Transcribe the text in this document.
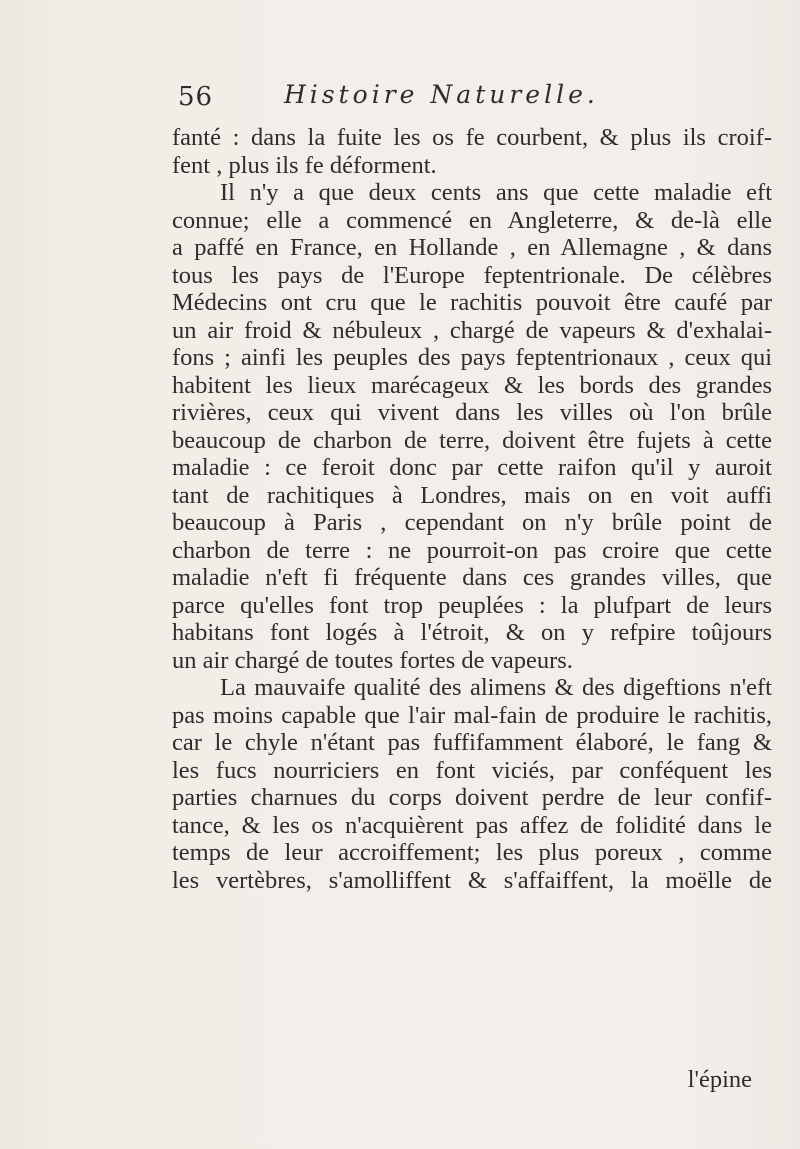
56	Histoire Naturelle.

fanté : dans la fuite les os fe courbent, & plus ils croif-

fent , plus ils fe déforment.

Il n'y a que deux cents ans que cette maladie eft

connue; elle a commencé en Angleterre, & de-là elle

a paffé en France, en Hollande , en Allemagne , & dans

tous les pays de l'Europe feptentrionale. De célèbres

Médecins ont cru que le rachitis pouvoit être caufé par

un air froid & nébuleux , chargé de vapeurs & d'exhalai-

fons ; ainfi les peuples des pays feptentrionaux , ceux qui

habitent les lieux marécageux & les bords des grandes

rivières, ceux qui vivent dans les villes où l'on brûle

beaucoup de charbon de terre, doivent être fujets à cette

maladie : ce feroit donc par cette raifon qu'il y auroit

tant de rachitiques à Londres, mais on en voit auffi

beaucoup à Paris , cependant on n'y brûle point de

charbon de terre : ne pourroit-on pas croire que cette

maladie n'eft fi fréquente dans ces grandes villes, que

parce qu'elles font trop peuplées : la plufpart de leurs

habitans font logés à l'étroit, & on y refpire toûjours

un air chargé de toutes fortes de vapeurs.

La mauvaife qualité des alimens & des digeftions n'eft

pas moins capable que l'air mal-fain de produire le rachitis,

car le chyle n'étant pas fuffifamment élaboré, le fang &

les fucs nourriciers en font viciés, par conféquent les

parties charnues du corps doivent perdre de leur confif-

tance, & les os n'acquièrent pas affez de folidité dans le

temps de leur accroiffement; les plus poreux , comme

les vertèbres, s'amolliffent & s'affaiffent, la moëlle de

l'épine
